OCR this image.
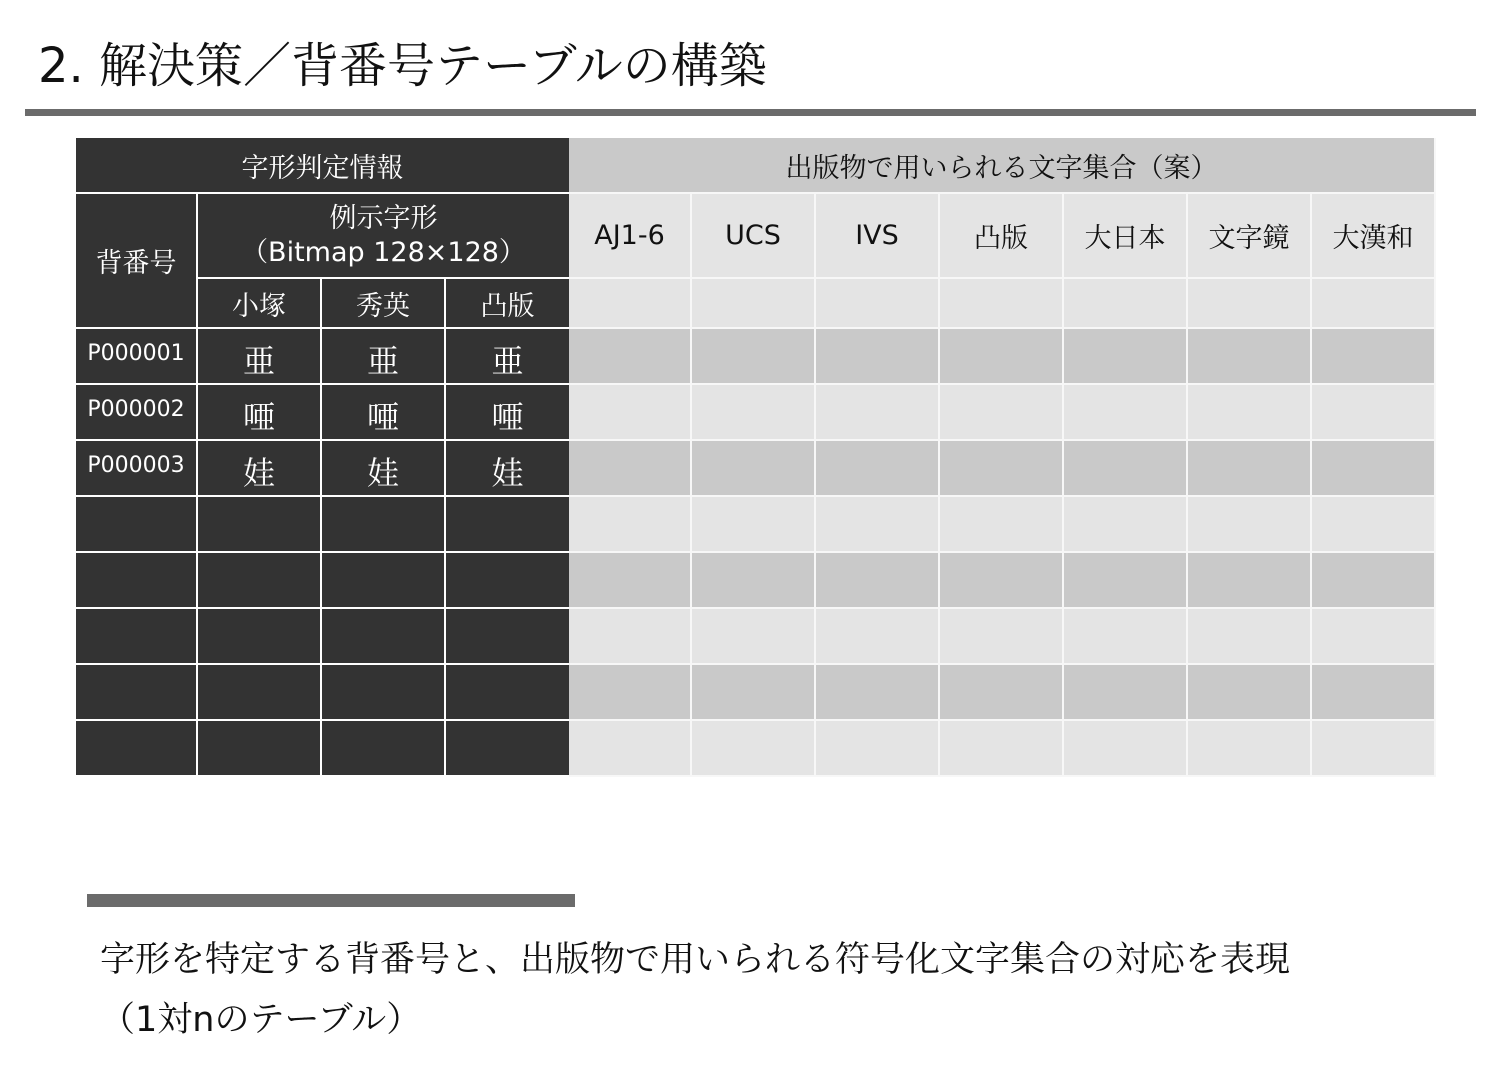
2. 解決策／背番号テーブルの構築
字形判定情報	出版物で用いられる文字集合（案）
背番号
例示字形
（Bitmap 128×128）
小塚	秀英	凸版
AJ1-6	UCS	IVS	凸版	大日本	文字鏡	大漢和
P000001	亜	亜	亜
P000002	唖	唖	唖
P000003	娃	娃	娃
字形を特定する背番号と、出版物で用いられる符号化文字集合の対応を表現
（1対nのテーブル）
